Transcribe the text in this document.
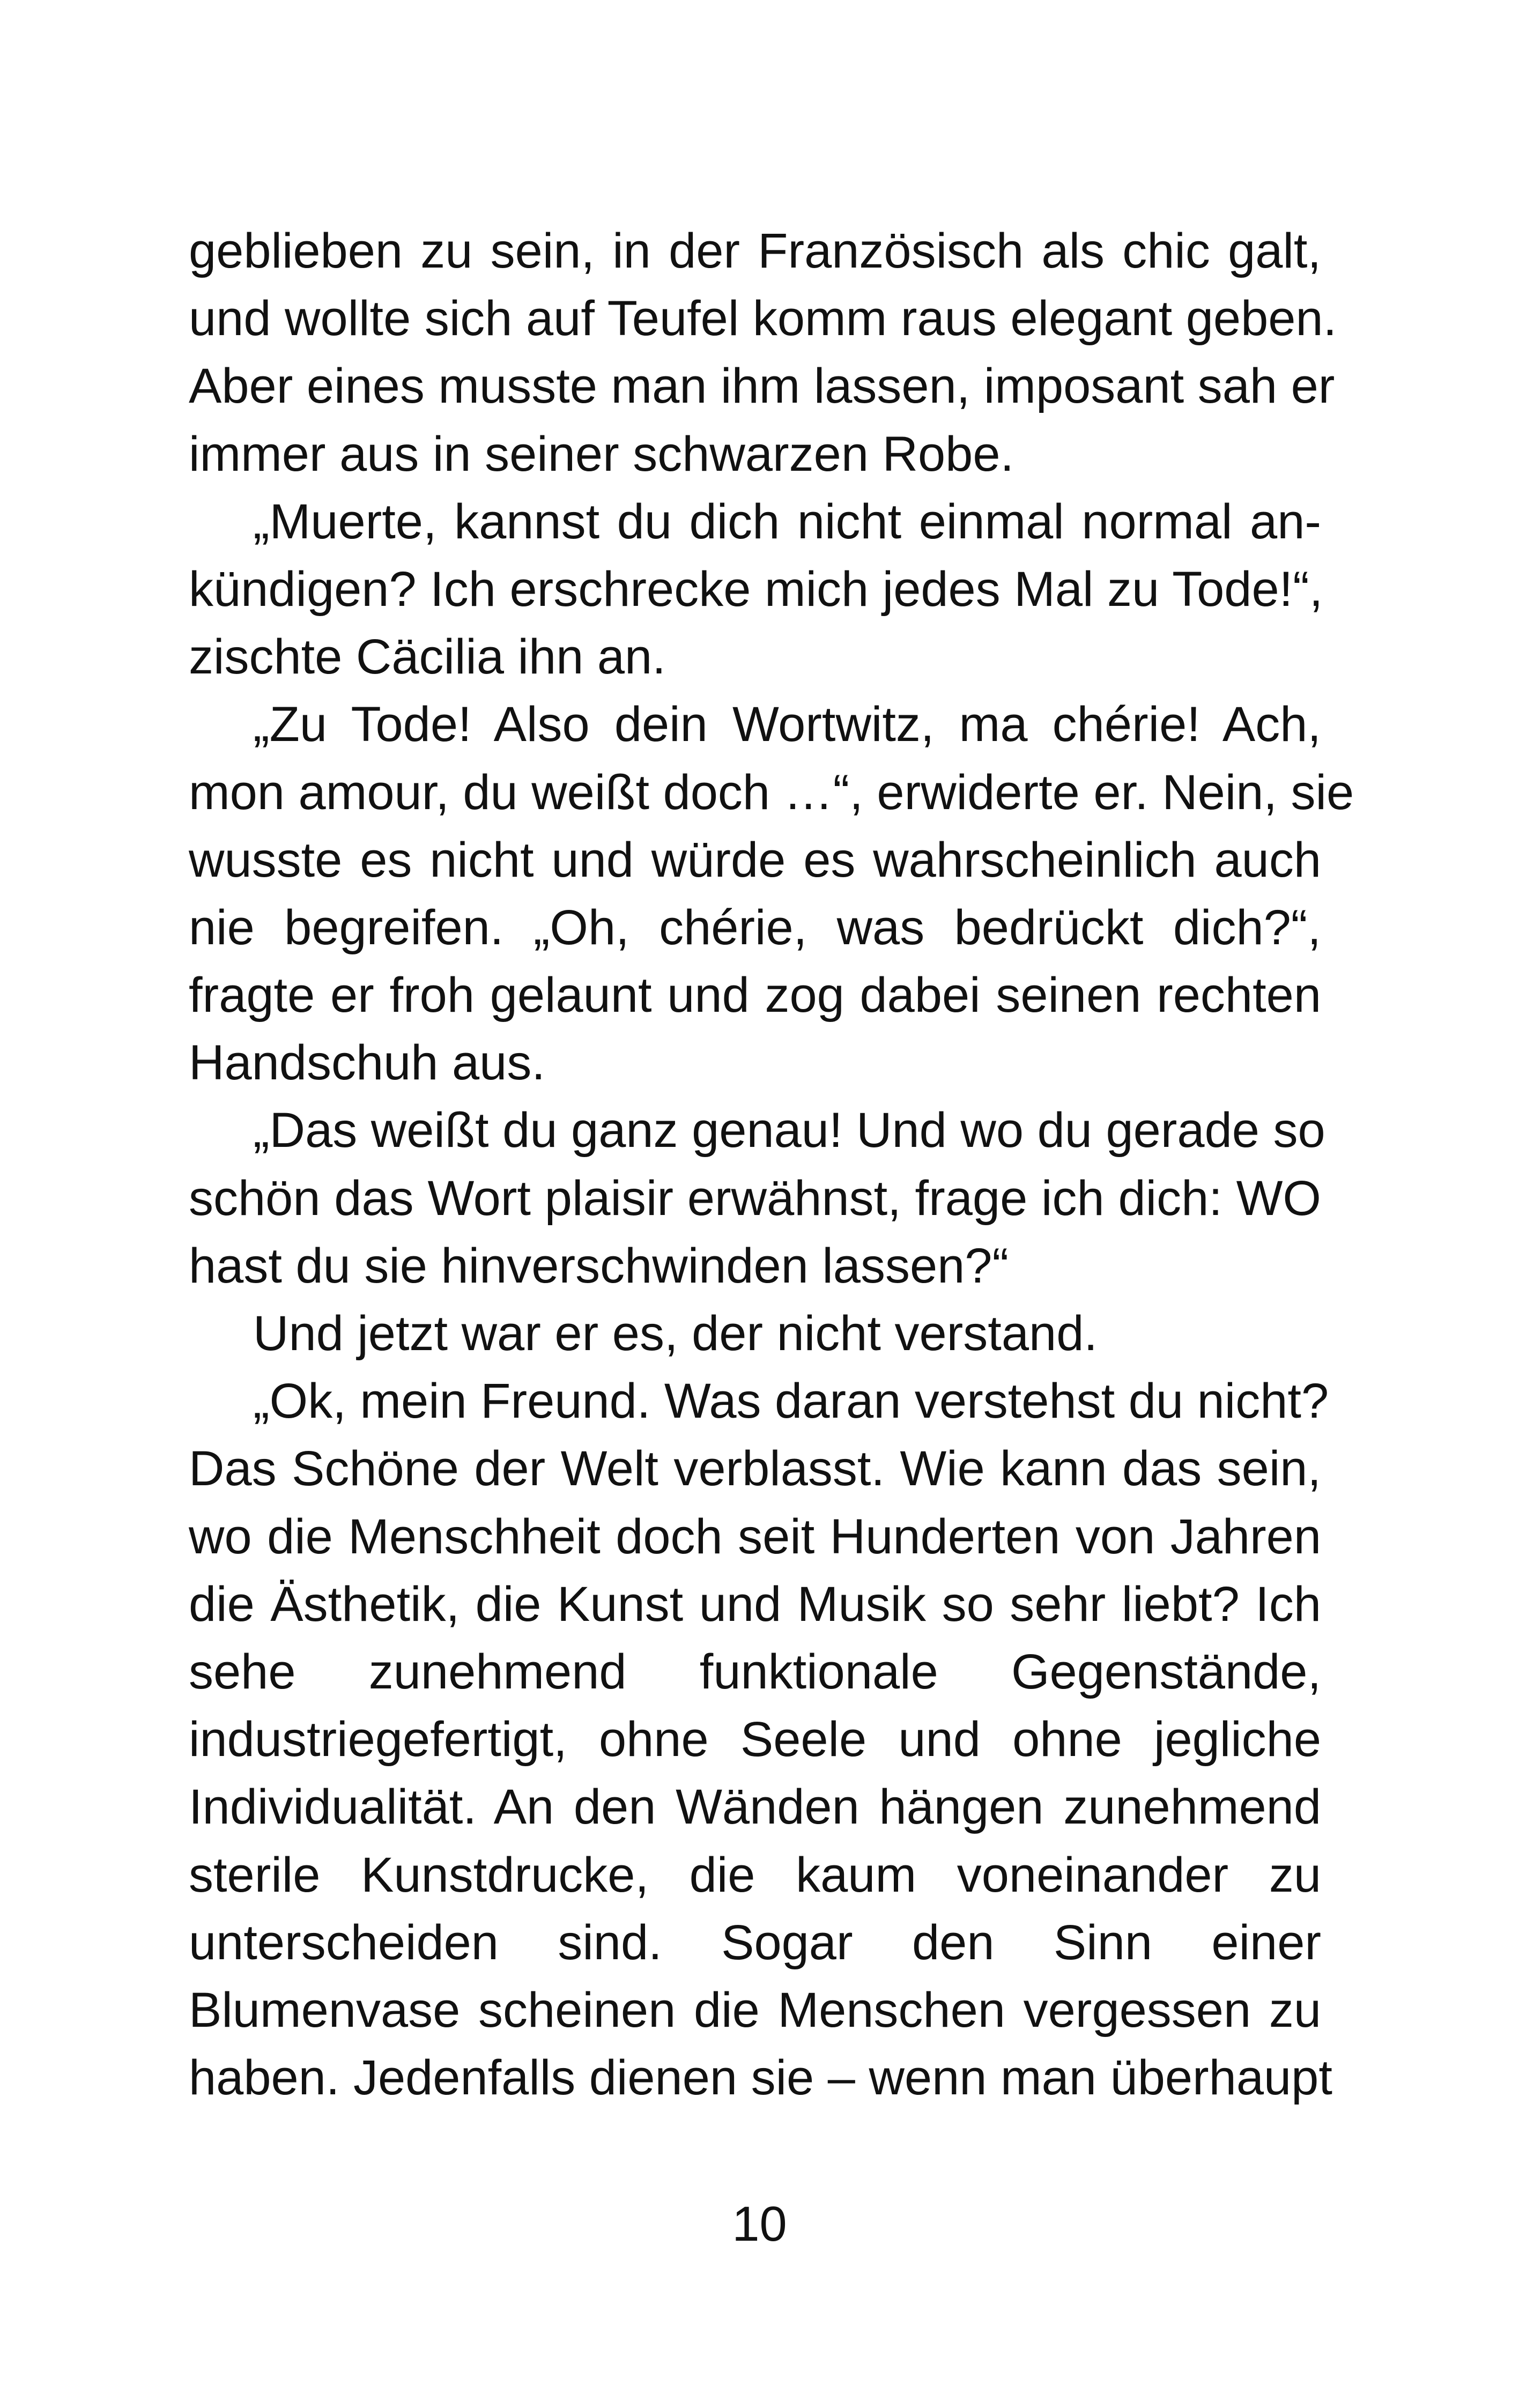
geblieben zu sein, in der Französisch als chic galt,
und wollte sich auf Teufel komm raus elegant geben.
Aber eines musste man ihm lassen, imposant sah er
immer aus in seiner schwarzen Robe.
„Muerte, kannst du dich nicht einmal normal an-
kündigen? Ich erschrecke mich jedes Mal zu Tode!“,
zischte Cäcilia ihn an.
„Zu Tode! Also dein Wortwitz, ma chérie! Ach,
mon amour, du weißt doch …“, erwiderte er. Nein, sie
wusste es nicht und würde es wahrscheinlich auch
nie begreifen. „Oh, chérie, was bedrückt dich?“,
fragte er froh gelaunt und zog dabei seinen rechten
Handschuh aus.
„Das weißt du ganz genau! Und wo du gerade so
schön das Wort plaisir erwähnst, frage ich dich: WO
hast du sie hinverschwinden lassen?“
Und jetzt war er es, der nicht verstand.
„Ok, mein Freund. Was daran verstehst du nicht?
Das Schöne der Welt verblasst. Wie kann das sein,
wo die Menschheit doch seit Hunderten von Jahren
die Ästhetik, die Kunst und Musik so sehr liebt? Ich
sehe zunehmend funktionale Gegenstände,
industriegefertigt, ohne Seele und ohne jegliche
Individualität. An den Wänden hängen zunehmend
sterile Kunstdrucke, die kaum voneinander zu
unterscheiden sind. Sogar den Sinn einer
Blumenvase scheinen die Menschen vergessen zu
haben. Jedenfalls dienen sie – wenn man überhaupt
10
